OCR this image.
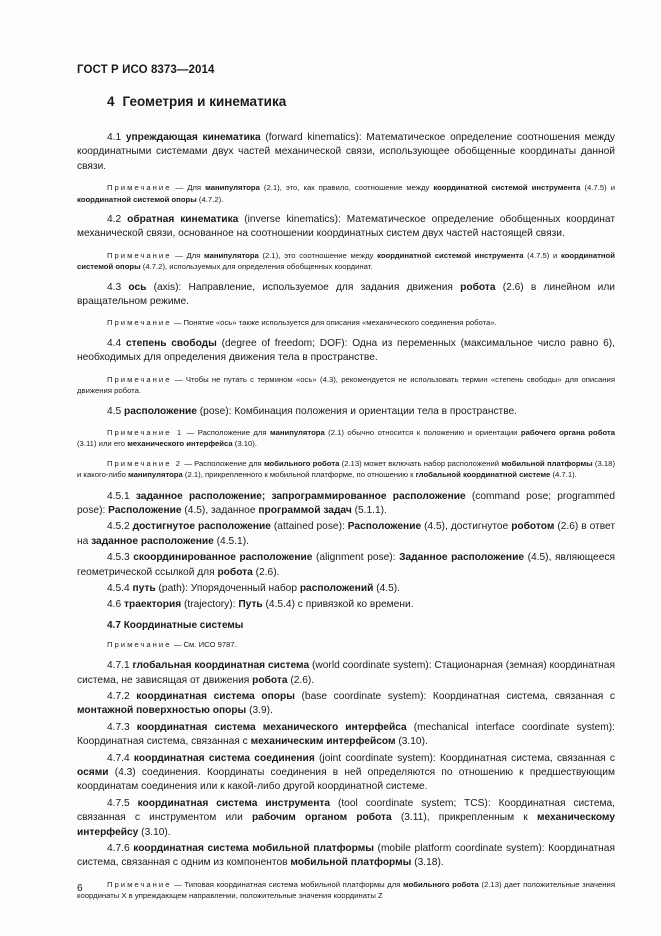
ГОСТ Р ИСО 8373—2014
4 Геометрия и кинематика

4.1 упреждающая кинематика (forward kinematics): Математическое определение соотношения между координатными системами двух частей механической связи, использующее обобщенные координаты данной связи.

Примечание — Для манипулятора (2.1), это, как правило, соотношение между координатной системой инструмента (4.7.5) и координатной системой опоры (4.7.2).

4.2 обратная кинематика (inverse kinematics): Математическое определение обобщенных координат механической связи, основанное на соотношении координатных систем двух частей настоящей связи.

Примечание — Для манипулятора (2.1), это соотношение между координатной системой инструмента (4.7.5) и координатной системой опоры (4.7.2), используемых для определения обобщенных координат.

4.3 ось (axis): Направление, используемое для задания движения робота (2.6) в линейном или вращательном режиме.

Примечание — Понятие «ось» также используется для описания «механического соединения робота».

4.4 степень свободы (degree of freedom; DOF): Одна из переменных (максимальное число равно 6), необходимых для определения движения тела в пространстве.

Примечание — Чтобы не путать с термином «ось» (4.3), рекомендуется не использовать термин «степень свободы» для описания движения робота.

4.5 расположение (pose): Комбинация положения и ориентации тела в пространстве.

Примечание 1 — Расположение для манипулятора (2.1) обычно относится к положению и ориентации рабочего органа робота (3.11) или его механического интерфейса (3.10).

Примечание 2 — Расположение для мобильного робота (2.13) может включать набор расположений мобильной платформы (3.18) и какого-либо манипулятора (2.1), прикрепленного к мобильной платформе, по отношению к глобальной координатной системе (4.7.1).

4.5.1 заданное расположение; запрограммированное расположение (command pose; programmed pose): Расположение (4.5), заданное программой задач (5.1.1).

4.5.2 достигнутое расположение (attained pose): Расположение (4.5), достигнутое роботом (2.6) в ответ на заданное расположение (4.5.1).

4.5.3 скоординированное расположение (alignment pose): Заданное расположение (4.5), являющееся геометрической ссылкой для робота (2.6).

4.5.4 путь (path): Упорядоченный набор расположений (4.5).

4.6 траектория (trajectory): Путь (4.5.4) с привязкой ко времени.

4.7 Координатные системы

Примечание — См. ИСО 9787.

4.7.1 глобальная координатная система (world coordinate system): Стационарная (земная) координатная система, не зависящая от движения робота (2.6).

4.7.2 координатная система опоры (base coordinate system): Координатная система, связанная с монтажной поверхностью опоры (3.9).

4.7.3 координатная система механического интерфейса (mechanical interface coordinate system): Координатная система, связанная с механическим интерфейсом (3.10).

4.7.4 координатная система соединения (joint coordinate system): Координатная система, связанная с осями (4.3) соединения. Координаты соединения в ней определяются по отношению к предшествующим координатам соединения или к какой-либо другой координатной системе.

4.7.5 координатная система инструмента (tool coordinate system; TCS): Координатная система, связанная с инструментом или рабочим органом робота (3.11), прикрепленным к механическому интерфейсу (3.10).

4.7.6 координатная система мобильной платформы (mobile platform coordinate system): Координатная система, связанная с одним из компонентов мобильной платформы (3.18).

Примечание — Типовая координатная система мобильной платформы для мобильного робота (2.13) дает положительные значения координаты X в упреждающем направлении, положительные значения координаты Z

6
